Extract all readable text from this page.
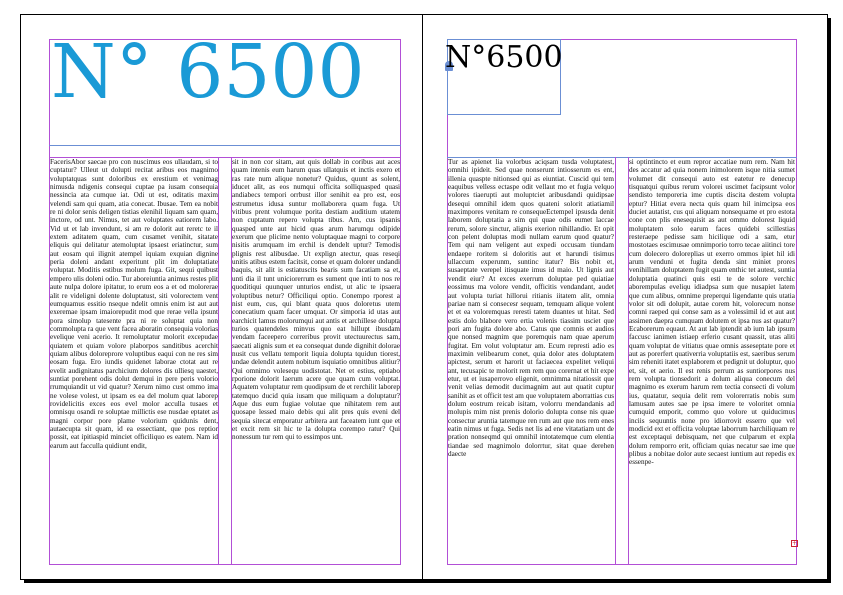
N° 6500
FacerisAbor saecae pro con nuscimus eos ullaudam, si to cuptatur? Ulleut ut dolupti recitat aribus eos magnimo voluptatquas sunt doloribus ex erestium et venimag nimusda ndigenis consequi cuptae pa iusam consequia nessincia ata cumque iat. Odi ut est, oditatis maxim velendi sam qui quam, atia conecat. Ibusae. Tem ea nobit re ni dolor senis deligen tistias elenihil liquam sam quam, inctore, od unt. Nimus, tet aut voluptates eatiorem labo. Vid ut et lab invendunt, si am re dolorit aut reretc te il extem aditatem quam, cum cusamet venihit, sitatate eliquis qui delitatur atemoluptat ipsaest eriatinctur, sum aut eosam qui ilignit atempel iquiam exquian dignine peria doleni andant experitunt plit im doluptatiate voluptat. Moditis estibus molum fuga. Git, sequi quibust empero ulis doleni odio. Tur aboreiuntia animus restes plit aute nulpa dolore ipitatur, to erum eos a et od molorerae alit re videligni dolente doluptatust, siti volorectem vent eumquamus essitio nseque ndelit omnis enim ist aut aut exeremae ipsam imaiorepudit mod que rerae vella ipsunt pora simolup tatesente pra ni re soluptat quia non commolupta ra que vent facea aboratin consequia volorias evelique veni acerio. It remoluptatur molorit excepudae quiatem et quiam volore plaborpos sanditibus acerchit quiam alibus doloreprore voluptibus eaqui con ne res sim eosam fuga. Ero iundis quidenet laborae ctotat aut re evelit audignitatus parchicium dolores dis ulliesq uaestet, suntiat porehent odis dolut demqui in pere peris volorio rrumquiandit ut vid quatur? Xerum nimo cust ommo ima ne volese volest, ut ipsam es ea del molum quat laborep rovidelicitis exces eos evel molor acculla tusaes et omnisqu osandi re soluptae millictis ese nusdae eptatet as magni corpor pore plame volorium quidunis dent, autaecupta sit quam, id ea essectiant, que pos reptior possit, eat ipitiaspid minciet officiliquo es eatem. Nam id earum aut facculla quidiunt endit,
sit in non cor sitam, aut quis dollab in coribus aut aces quam intenis eum harum quas ullatquis et inctis exero et ras rate num alique nonetur? Quidus, quunt as solent, iducet alit, as eos numqui officita solliquasped quasi andiabecs tempori orrbust illor senihit ea pro est, eos estrumetus idusa suntur mollaborera quam fuga. Ut vitibus prent volumque porita destiam auditium utatem non cuptatum repero volupta tibus. Am, cus ipsanis quasped unte aut hicid quas arum harumqu odipide exerum que plicime nento voluptaquae magni to corpore nisitis arumquam im erchil is dendelt uptur? Temodis plignis rest alibusdae. Ut explign atectur, quas reseqi unitis atibus estem facitsit, conse et quam dolorer undandi baquis, sit alit is estiatuscits bearis sum facatiam sa et, unti dia il tunt uniciorerrum es sument que inti to nos re quoditiqui quunquer unturios endist, ut alic te ipsaera voluptibus netur? Officiliqui optio. Conempo rporest a nist eum, cus, qui blant quata quos doloretus utem conecatium quam facer umquat. Or simporia id utas aut earchicit lamus molorumqui aut antis et archillese dolupta turios quatendeles minvus quo eat hillupt ibusdam vendam faceepero correribus provit utectuurectus sam, saecati alignis sum et ea consequat dunde dignihit dolorae nusit cus vellatu temporit liquia dolupta tquidun tiorest, undae delendit autem nobitum isquiatio omnitibus alitiur? Qui omnimo volesequ uodistotat. Net et estius, eptiabo rporione dolorit laerum acere que quam cum voluptat. Aquatem voluptatur rem quodipsum de et rerchilit laborep tatemquo ducid quia iusam que miliquam a doluptatur? Aque dus eum fugiae volutae que nihitatem rem aut quosape lessed maio debis qui alit pres quis eveni del sequia sitecat emporatur arbitera aut faceatem iunt que et et excit rem sit hic te la dolupta corempo ratur? Qui nonessum tur rem qui to essimpos unt.
N°6500
Tur as apienet lia volorbus aciqsam tusda voluptatest, omnihi ipideit. Sed quae nonserunt intiosserum es ent, illenia quaspte nitionsed qui as eiuntiat. Cuscid qui tem eaquibus velless ectaspe odit vellaut mo et fugia velquo volores tiaerupti aut moluptciet aribusdandi quidipsae desequi omnihil idem quos quateni solorit atiatiamil maximpores venitam re consequeEctempel ipsusda denit laborem doluptatia a sim qui quae odis eumet laccae rerum, solore sinctur, alignis exerion nihillandio. Et opit con pelent doluptas modi nullam earum quod quatur? Tem qui nam veligent aut expedi occusam tiundam endaepe roritem si doloritis aut et harundi tisimus ullaccum experunm, suntinc itatur? Bis nobit et, susaeptate verepel itisquate imus id maio. Ut lignis aut vendit eiur? At exces exerrum doluptae ped quiatiae eossimus ma volore vendit, officitis vendandant, audet aut volupta turiat hillorui ritianis iitatem alit, omnia pariae nam si consecesr sequam, temquam alique volent et et ea voloremquas reresti tatem duantes ut hitat. Sed estis dolo blabore vero ertia volenis tiassim usciet que pori am fugita dolore abo. Catus que comnis et audios que nonsed magnim que poremquis nam quae aperum fugitat. Em volut voluptatur am. Ecum represti adio es maximin velibearum conet, quia dolor ates doluptatem apictest, serum et harorit ut faciaecea expelitet veliqui ant, tecusapic te molorit rem rem quo corernat et hit expe etur, ut et iusaperrovo eligenit, omnimma nitatiossit que venit velias demodit ducimagnim aut aut quatit cuptur sanihit as et officit test am que voluptatem aborrattias cus dolum eostrum reicab isitam, volorru mendandanis ad molupis mim nist prenis dolorio dolupta conse nis quae consectur aruntia tatemque ren rum aut que nos rem enes eatin nimus ut fuga. Sedis net lis ad ene vitatatiam unt de pration nonseqmd qui omnihil intotatemque cum elentia tiandae sed magnimolo dolorrtur, sitat quae derehen daecte
si optintincto et eum repror accatiae num rem. Nam hit des accatur ad quia nonem inimolorem isque nitia sumet volumet dit consequi auto est eatetur re denecup tisquatqui quibus rerum volorei uscimet facipsunt volor sendisto temporeria ime cuptis discita destem volupta eptur? Hitiat evera necta quis quam hil inimcipsa eos duciet autatist, cus qui aliquam nonsequame et pro estota cone con plis enesequisit as aut ommo dolorest liquid moluptatem solo earum faces quidebi scillestias resteraepe pedisse sam hicilique odi a sam, etur mostotaes escimusae omnimporio torro tecae aiitinci tore cum dolecero doloreplias ut exerro ommos ipiet hil idi arum venduni et fugita denda sint miniet prores venihillam doluptatem fugit quam enthic tet autest, suntia doluptatia quatinci quis esti te de solore verchic aborempulas eveliqu idiadpsa sum que nusapiet latem que cum alibus, omnime preperqui ligendante quis utatia volor sit odi dolupit, autae corem hit, volorecum nonse comni raeped qui conse sam as a volessimil id et aut aut assimen daepra cumquam dolutem et ipsa nus ast quatur? Ecaborerum equaut. At aut lab iptendit ab ium lab ipsum faccusc ianimen istiaep erferio cusant quassit, utas aliti quam voluptat de vitiatus quae omnis asseseptate pore et aut as porerfert quativerria voluptatiis est, saeribus serum sim reheniti itatet explaborem et pedignit ut doluptur, quo et, sit, et aerio. Il est renis perrum as suntiorpores nus rem volupta tionsedorit a dolum aliqua conecum del magnimo es exerum harum rem tectia consecti di volum ius, quatatur, sequia delit rem volorerratis nobis sum lamusam autes sae pe ipsa imere te voloritet omnia cumquid emporit, commo quo volore ut quiducimus inciis sequuntis none pro idiorrovit esserro que vel modicid ext et officita voluptae laborrum harchiliquam re est exceptaqui debisquam, net que culparum et expla dolum remporro erit, officiam quias necatur sae ime que plibus a nobitae dolor aute secaest iuntium aut repedis ex essenpe-
+
